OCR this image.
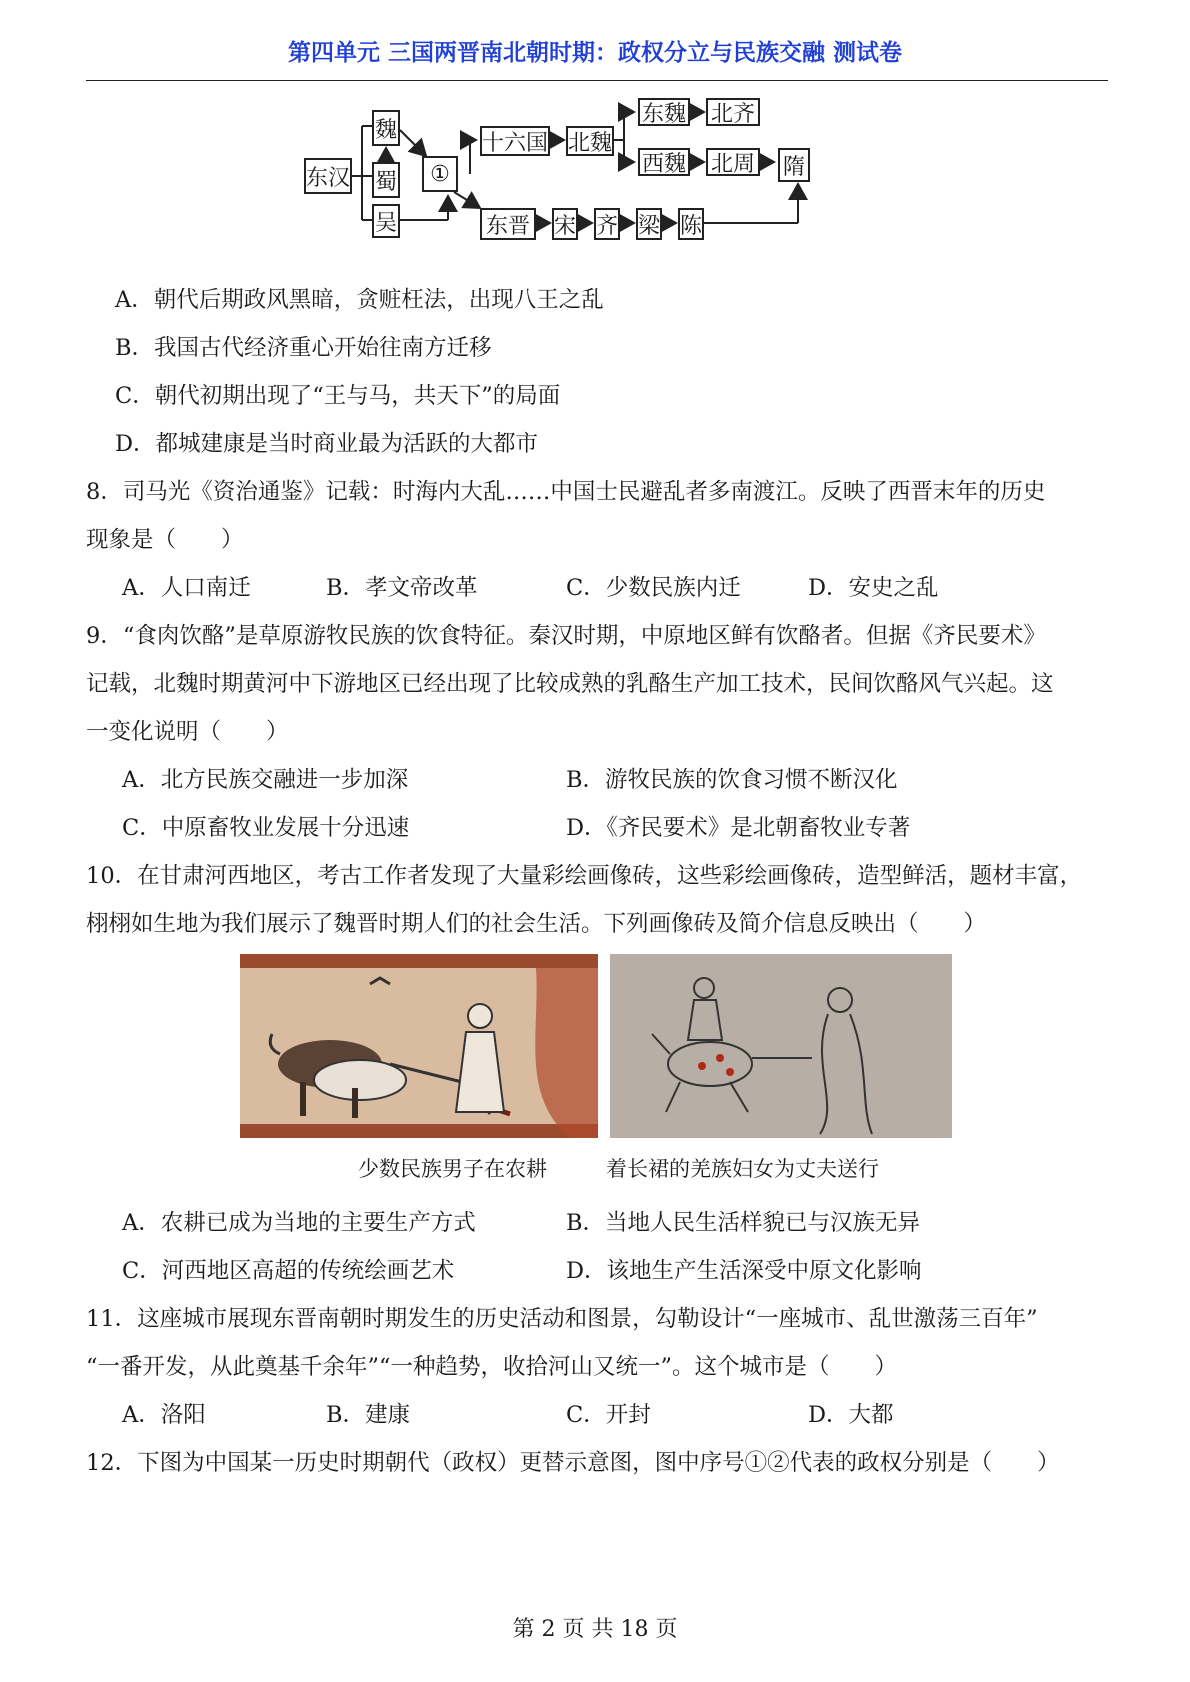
第四单元 三国两晋南北朝时期：政权分立与民族交融 测试卷
东汉
魏
蜀
吴
①
十六国 北魏
东魏 北齐
西魏 北周 隋
东晋 宋 齐 梁 陈
A．朝代后期政风黑暗，贪赃枉法，出现八王之乱
B．我国古代经济重心开始往南方迁移
C．朝代初期出现了“王与马，共天下”的局面
D．都城建康是当时商业最为活跃的大都市
8．司马光《资治通鉴》记载：时海内大乱……中国士民避乱者多南渡江。反映了西晋末年的历史
现象是（　　）
A．人口南迁	B．孝文帝改革	C．少数民族内迁	D．安史之乱
9．“食肉饮酪”是草原游牧民族的饮食特征。秦汉时期，中原地区鲜有饮酪者。但据《齐民要术》
记载，北魏时期黄河中下游地区已经出现了比较成熟的乳酪生产加工技术，民间饮酪风气兴起。这
一变化说明（　　）
A．北方民族交融进一步加深	B．游牧民族的饮食习惯不断汉化
C．中原畜牧业发展十分迅速	D．《齐民要术》是北朝畜牧业专著
10．在甘肃河西地区，考古工作者发现了大量彩绘画像砖，这些彩绘画像砖，造型鲜活，题材丰富，
栩栩如生地为我们展示了魏晋时期人们的社会生活。下列画像砖及简介信息反映出（　　）
少数民族男子在农耕	着长裙的羌族妇女为丈夫送行
A．农耕已成为当地的主要生产方式	B．当地人民生活样貌已与汉族无异
C．河西地区高超的传统绘画艺术	D．该地生产生活深受中原文化影响
11．这座城市展现东晋南朝时期发生的历史活动和图景，勾勒设计“一座城市、乱世激荡三百年”
“一番开发，从此奠基千余年”“一种趋势，收拾河山又统一”。这个城市是（　　）
A．洛阳	B．建康	C．开封	D．大都
12．下图为中国某一历史时期朝代（政权）更替示意图，图中序号①②代表的政权分别是（　　）
第 2 页 共 18 页
